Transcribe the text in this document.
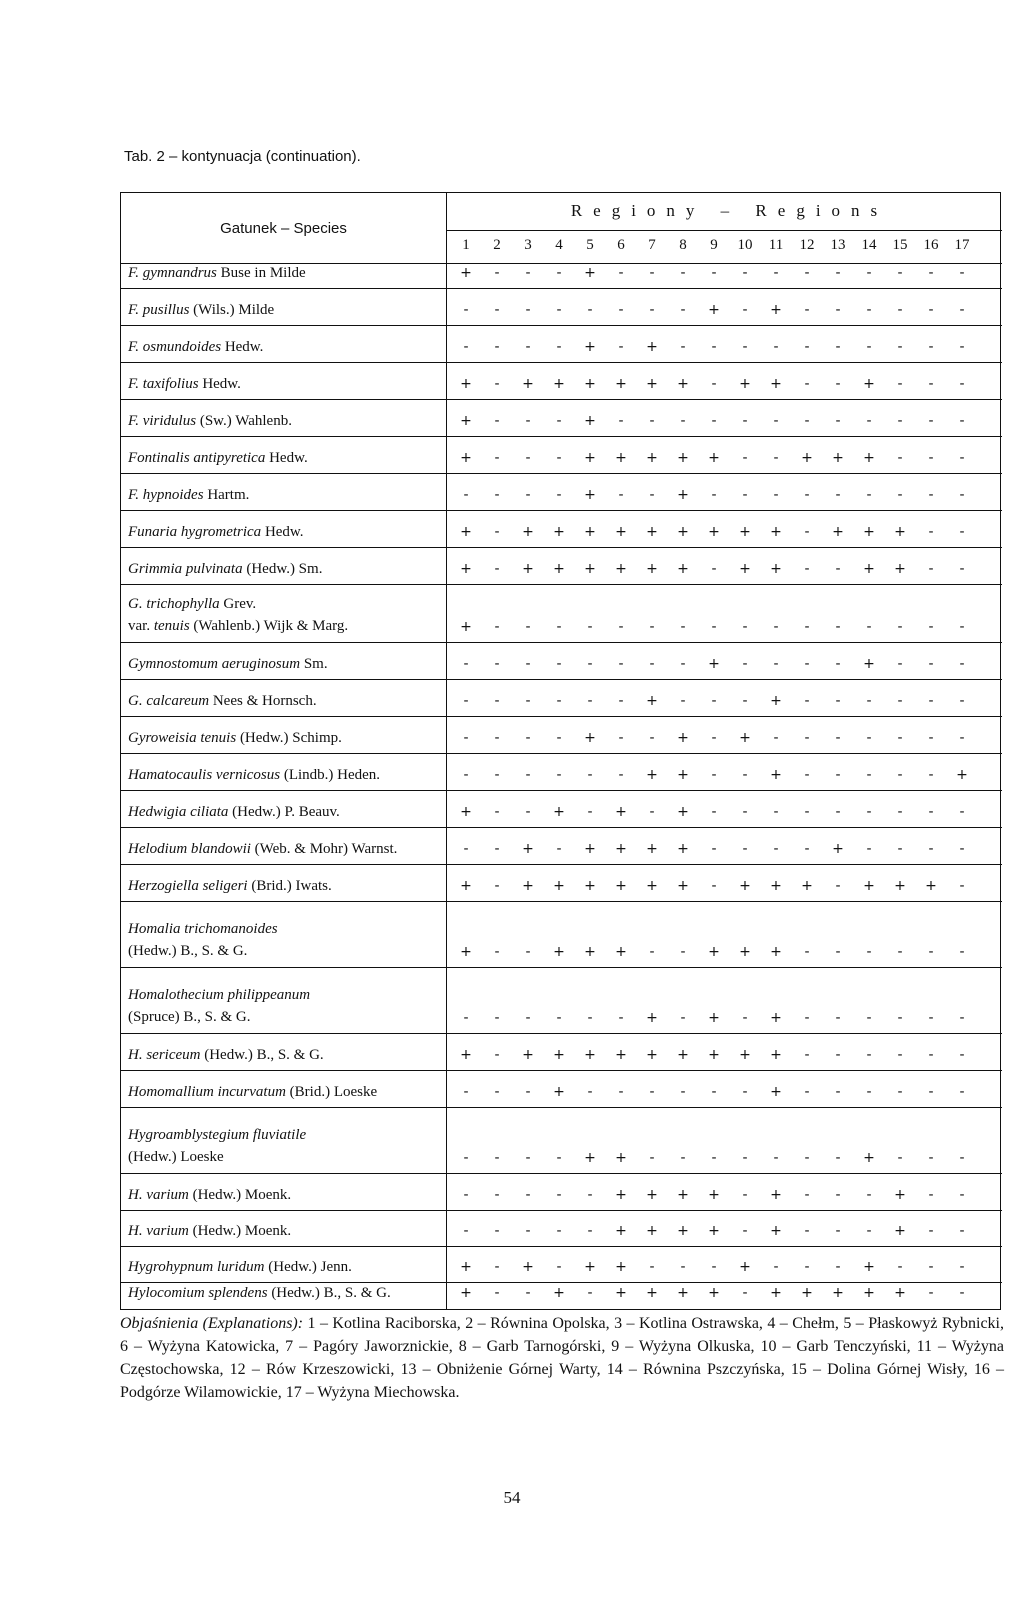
Tab. 2 – kontynuacja (continuation).
Gatunek – Species
Regiony – Regions
1	2	3	4	5	6	7	8	9	10	11	12	13	14	15	16	17
F. gymnandrus Buse in Milde	+	-	-	-	+	-	-	-	-	-	-	-	-	-	-	-	-
F. pusillus (Wils.) Milde	-	-	-	-	-	-	-	-	+	-	+	-	-	-	-	-	-
F. osmundoides Hedw.	-	-	-	-	+	-	+	-	-	-	-	-	-	-	-	-	-
F. taxifolius Hedw.	+	-	+	+	+	+	+	+	-	+	+	-	-	+	-	-	-
F. viridulus (Sw.) Wahlenb.	+	-	-	-	+	-	-	-	-	-	-	-	-	-	-	-	-
Fontinalis antipyretica Hedw.	+	-	-	-	+	+	+	+	+	-	-	+	+	+	-	-	-
F. hypnoides Hartm.	-	-	-	-	+	-	-	+	-	-	-	-	-	-	-	-	-
Funaria hygrometrica Hedw.	+	-	+	+	+	+	+	+	+	+	+	-	+	+	+	-	-
Grimmia pulvinata (Hedw.) Sm.	+	-	+	+	+	+	+	+	-	+	+	-	-	+	+	-	-
G. trichophylla Grev.
var. tenuis (Wahlenb.) Wijk & Marg.	+	-	-	-	-	-	-	-	-	-	-	-	-	-	-	-	-
Gymnostomum aeruginosum Sm.	-	-	-	-	-	-	-	-	+	-	-	-	-	+	-	-	-
G. calcareum Nees & Hornsch.	-	-	-	-	-	-	+	-	-	-	+	-	-	-	-	-	-
Gyroweisia tenuis (Hedw.) Schimp.	-	-	-	-	+	-	-	+	-	+	-	-	-	-	-	-	-
Hamatocaulis vernicosus (Lindb.) Heden.	-	-	-	-	-	-	+	+	-	-	+	-	-	-	-	-	+
Hedwigia ciliata (Hedw.) P. Beauv.	+	-	-	+	-	+	-	+	-	-	-	-	-	-	-	-	-
Helodium blandowii (Web. & Mohr) Warnst.	-	-	+	-	+	+	+	+	-	-	-	-	+	-	-	-	-
Herzogiella seligeri (Brid.) Iwats.	+	-	+	+	+	+	+	+	-	+	+	+	-	+	+	+	-
Homalia trichomanoides
(Hedw.) B., S. & G.	+	-	-	+	+	+	-	-	+	+	+	-	-	-	-	-	-
Homalothecium philippeanum
(Spruce) B., S. & G.	-	-	-	-	-	-	+	-	+	-	+	-	-	-	-	-	-
H. sericeum (Hedw.) B., S. & G.	+	-	+	+	+	+	+	+	+	+	+	-	-	-	-	-	-
Homomallium incurvatum (Brid.) Loeske	-	-	-	+	-	-	-	-	-	-	+	-	-	-	-	-	-
Hygroamblystegium fluviatile
(Hedw.) Loeske	-	-	-	-	+	+	-	-	-	-	-	-	-	+	-	-	-
H. varium (Hedw.) Moenk.	-	-	-	-	-	+	+	+	+	-	+	-	-	-	+	-	-
H. varium (Hedw.) Moenk.	-	-	-	-	-	+	+	+	+	-	+	-	-	-	+	-	-
Hygrohypnum luridum (Hedw.) Jenn.	+	-	+	-	+	+	-	-	-	+	-	-	-	+	-	-	-
Hylocomium splendens (Hedw.) B., S. & G.	+	-	-	+	-	+	+	+	+	-	+	+	+	+	+	-	-
Objaśnienia (Explanations): 1 – Kotlina Raciborska, 2 – Równina Opolska, 3 – Kotlina Ostrawska, 4 – Chełm, 5 – Płaskowyż Rybnicki, 6 – Wyżyna Katowicka, 7 – Pagóry Jaworznickie, 8 – Garb Tarnogórski, 9 – Wyżyna Olkuska, 10 – Garb Tenczyński, 11 – Wyżyna Częstochowska, 12 – Rów Krzeszowicki, 13 – Obniżenie Górnej Warty, 14 – Równina Pszczyńska, 15 – Dolina Górnej Wisły, 16 – Podgórze Wilamowickie, 17 – Wyżyna Miechowska.
54
